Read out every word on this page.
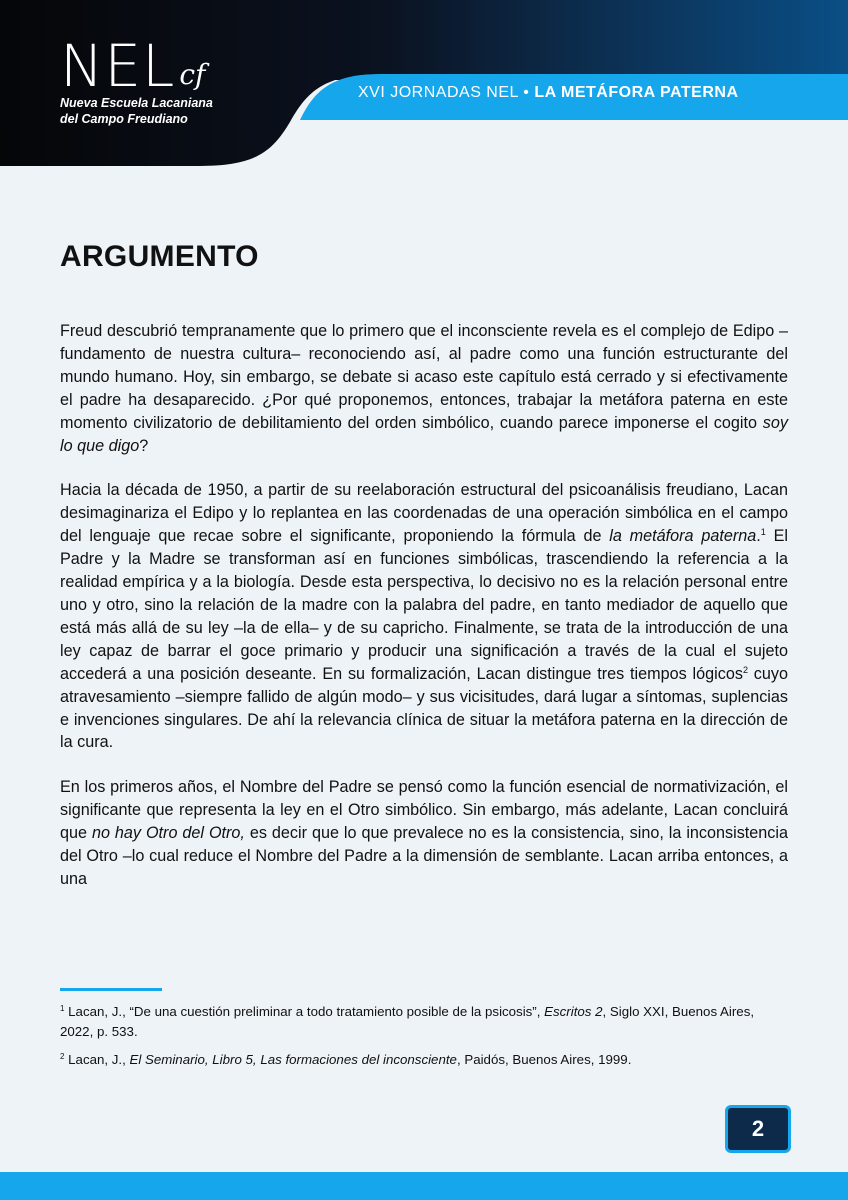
NEL cf
Nueva Escuela Lacaniana
del Campo Freudiano
XVI JORNADAS NEL • LA METÁFORA PATERNA
ARGUMENTO

Freud descubrió tempranamente que lo primero que el inconsciente revela es el complejo de Edipo –fundamento de nuestra cultura– reconociendo así, al padre como una función estructurante del mundo humano. Hoy, sin embargo, se debate si acaso este capítulo está cerrado y si efectivamente el padre ha desaparecido. ¿Por qué proponemos, entonces, trabajar la metáfora paterna en este momento civilizatorio de debilitamiento del orden simbólico, cuando parece imponerse el cogito soy lo que digo?

Hacia la década de 1950, a partir de su reelaboración estructural del psicoanálisis freudiano, Lacan desimaginariza el Edipo y lo replantea en las coordenadas de una operación simbólica en el campo del lenguaje que recae sobre el significante, proponiendo la fórmula de la metáfora paterna.$^1$ El Padre y la Madre se transforman así en funciones simbólicas, trascendiendo la referencia a la realidad empírica y a la biología. Desde esta perspectiva, lo decisivo no es la relación personal entre uno y otro, sino la relación de la madre con la palabra del padre, en tanto mediador de aquello que está más allá de su ley –la de ella– y de su capricho. Finalmente, se trata de la introducción de una ley capaz de barrar el goce primario y producir una significación a través de la cual el sujeto accederá a una posición deseante. En su formalización, Lacan distingue tres tiempos lógicos$^2$ cuyo atravesamiento –siempre fallido de algún modo– y sus vicisitudes, dará lugar a síntomas, suplencias e invenciones singulares. De ahí la relevancia clínica de situar la metáfora paterna en la dirección de la cura.

En los primeros años, el Nombre del Padre se pensó como la función esencial de normativización, el significante que representa la ley en el Otro simbólico. Sin embargo, más adelante, Lacan concluirá que no hay Otro del Otro, es decir que lo que prevalece no es la consistencia, sino, la inconsistencia del Otro –lo cual reduce el Nombre del Padre a la dimensión de semblante. Lacan arriba entonces, a una

$^1$ Lacan, J., “De una cuestión preliminar a todo tratamiento posible de la psicosis”, Escritos 2, Siglo XXI, Buenos Aires, 2022, p. 533.

$^2$ Lacan, J., El Seminario, Libro 5, Las formaciones del inconsciente, Paidós, Buenos Aires, 1999.

2
